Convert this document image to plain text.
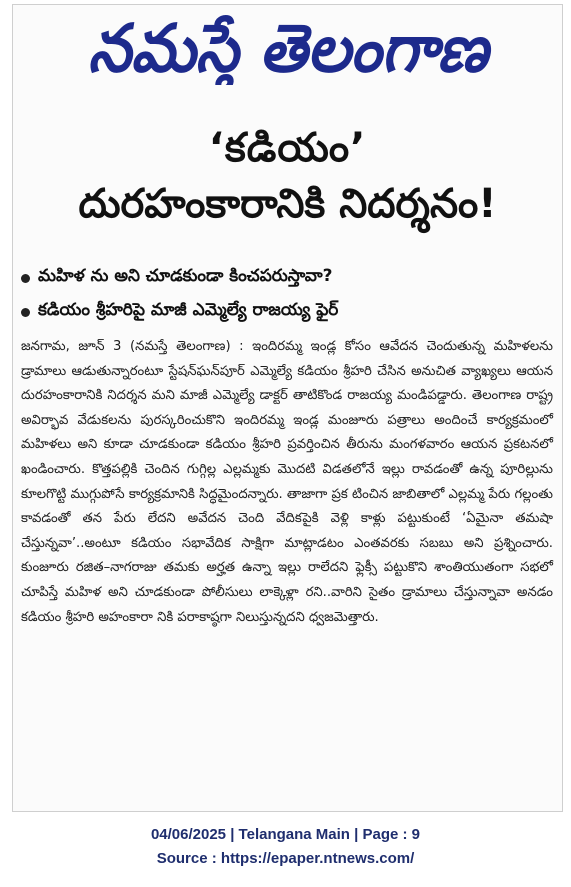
నమస్తే తెలంగాణ
‘కడియం’
దురహంకారానికి నిదర్శనం!
మహిళ ను అని చూడకుండా కించపరుస్తావా?
కడియం శ్రీహరిపై మాజీ ఎమ్మెల్యే రాజయ్య ఫైర్

జనగామ, జూన్ 3 (నమస్తే తెలంగాణ) : ఇందిరమ్మ ఇండ్ల కోసం ఆవేదన చెందుతున్న మహిళలను డ్రామాలు ఆడుతున్నారంటూ స్టేషన్‌ఘన్‌పూర్ ఎమ్మెల్యే కడియం శ్రీహరి చేసిన అనుచిత వ్యాఖ్యలు ఆయన దురహంకారానికి నిదర్శన మని మాజీ ఎమ్మెల్యే డాక్టర్ తాటికొండ రాజయ్య మండిపడ్డారు. తెలంగాణ రాష్ట్ర అవిర్భావ వేడుకలను పురస్కరించుకొని ఇందిరమ్మ ఇండ్ల మంజూరు పత్రాలు అందించే కార్యక్రమంలో మహిళలు అని కూడా చూడకుండా కడియం శ్రీహరి ప్రవర్తించిన తీరును మంగళవారం ఆయన ప్రకటనలో ఖండించారు. కొత్తపల్లికి చెందిన గుగ్గిల్ల ఎల్లమ్మకు మొదటి విడతలోనే ఇల్లు రావడంతో ఉన్న పూరిల్లును కూలగొట్టి ముగ్గుపోసే కార్యక్రమానికి సిద్ధమైందన్నారు. తాజాగా ప్రక టించిన జాబితాలో ఎల్లమ్మ పేరు గల్లంతు కావడంతో తన పేరు లేదని అవేదన చెంది వేదికపైకి వెళ్లి కాళ్లు పట్టుకుంటే ‘ఏమైనా తమషా చేస్తున్నవా’..అంటూ కడియం సభావేదిక సాక్షిగా మాట్లాడటం ఎంతవరకు సబబు అని ప్రశ్నించారు. కుంజూరు రజిత–నాగరాజు తమకు అర్హత ఉన్నా ఇల్లు రాలేదని ఫ్లెక్సీ పట్టుకొని శాంతియుతంగా సభలో చూపిస్తే మహిళ అని చూడకుండా పోలీసులు లాక్కెళ్లా రని..వారిని సైతం డ్రామాలు చేస్తున్నావా అనడం కడియం శ్రీహరి అహంకారా నికి పరాకాష్ఠగా నిలుస్తున్నదని ధ్వజమెత్తారు.

04/06/2025 | Telangana Main | Page : 9
Source : https://epaper.ntnews.com/
